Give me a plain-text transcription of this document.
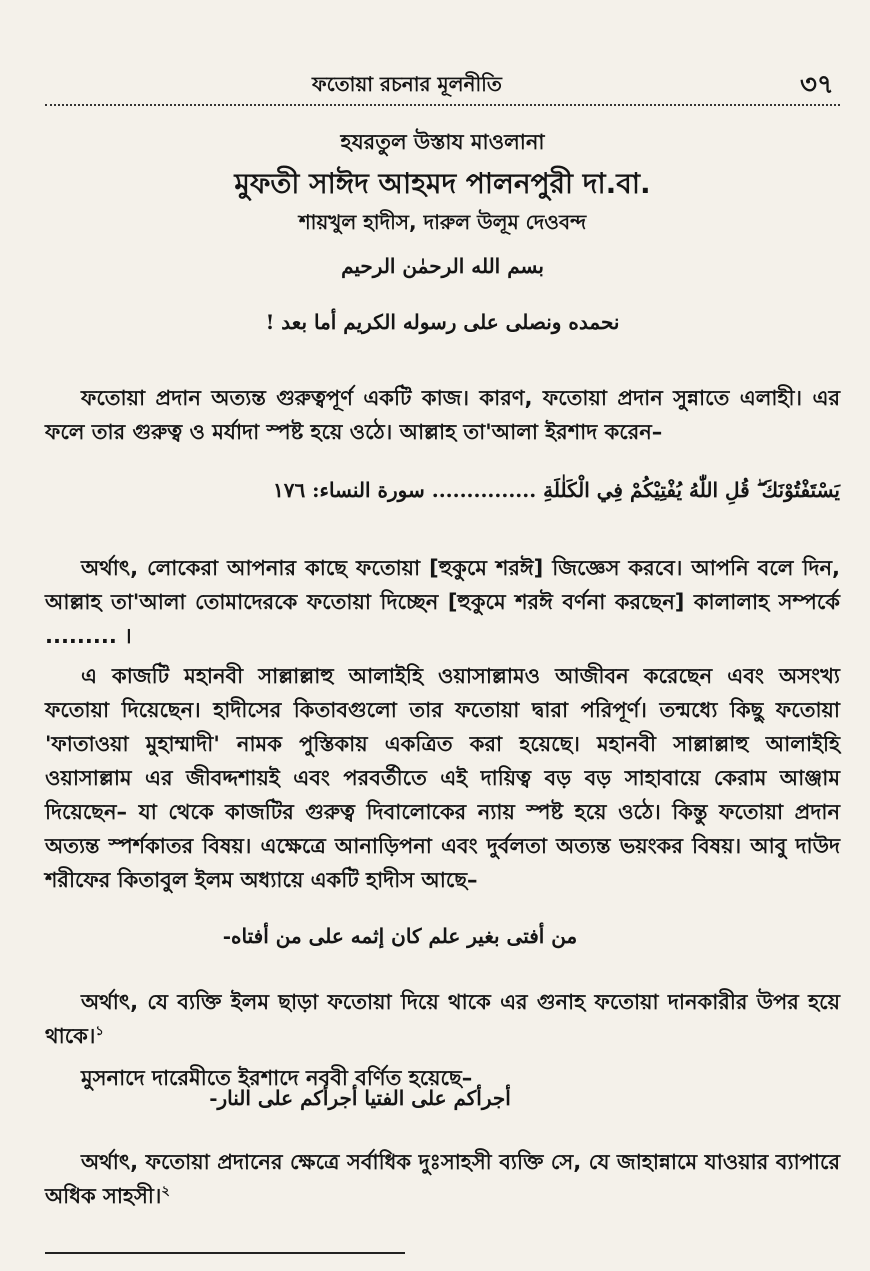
ফতোয়া রচনার মূলনীতি	৩৭
হযরতুল উস্তায মাওলানা
মুফতী সাঈদ আহমদ পালনপুরী দা.বা.
শায়খুল হাদীস, দারুল উলূম দেওবন্দ
بسم الله الرحمٰن الرحيم
نحمده ونصلى على رسوله الكريم أما بعد !

ফতোয়া প্রদান অত্যন্ত গুরুত্বপূর্ণ একটি কাজ। কারণ, ফতোয়া প্রদান সুন্নাতে এলাহী। এর ফলে তার গুরুত্ব ও মর্যাদা স্পষ্ট হয়ে ওঠে। আল্লাহ তা'আলা ইরশাদ করেন–

يَسْتَفْتُوْنَكَ ۖ قُلِ اللّٰهُ يُفْتِيْكُمْ فِي الْكَلٰلَةِ ............... سورة النساء: ١٧٦

অর্থাৎ, লোকেরা আপনার কাছে ফতোয়া [হুকুমে শরঈ] জিজ্ঞেস করবে। আপনি বলে দিন, আল্লাহ তা'আলা তোমাদেরকে ফতোয়া দিচ্ছেন [হুকুমে শরঈ বর্ণনা করছেন] কালালাহ সম্পর্কে ......... ।

এ কাজটি মহানবী সাল্লাল্লাহু আলাইহি ওয়াসাল্লামও আজীবন করেছেন এবং অসংখ্য ফতোয়া দিয়েছেন। হাদীসের কিতাবগুলো তার ফতোয়া দ্বারা পরিপূর্ণ। তন্মধ্যে কিছু ফতোয়া 'ফাতাওয়া মুহাম্মাদী' নামক পুস্তিকায় একত্রিত করা হয়েছে। মহানবী সাল্লাল্লাহু আলাইহি ওয়াসাল্লাম এর জীবদ্দশায়ই এবং পরবর্তীতে এই দায়িত্ব বড় বড় সাহাবায়ে কেরাম আঞ্জাম দিয়েছেন– যা থেকে কাজটির গুরুত্ব দিবালোকের ন্যায় স্পষ্ট হয়ে ওঠে। কিন্তু ফতোয়া প্রদান অত্যন্ত স্পর্শকাতর বিষয়। এক্ষেত্রে আনাড়িপনা এবং দুর্বলতা অত্যন্ত ভয়ংকর বিষয়। আবু দাউদ শরীফের কিতাবুল ইলম অধ্যায়ে একটি হাদীস আছে–

من أفتى بغير علم كان إثمه على من أفتاه-

অর্থাৎ, যে ব্যক্তি ইলম ছাড়া ফতোয়া দিয়ে থাকে এর গুনাহ ফতোয়া দানকারীর উপর হয়ে থাকে।$^১$

মুসনাদে দারেমীতে ইরশাদে নববী বর্ণিত হয়েছে–

أجرأكم على الفتيا أجرأكم على النار-

অর্থাৎ, ফতোয়া প্রদানের ক্ষেত্রে সর্বাধিক দুঃসাহসী ব্যক্তি সে, যে জাহান্নামে যাওয়ার ব্যাপারে অধিক সাহসী।$^২$
